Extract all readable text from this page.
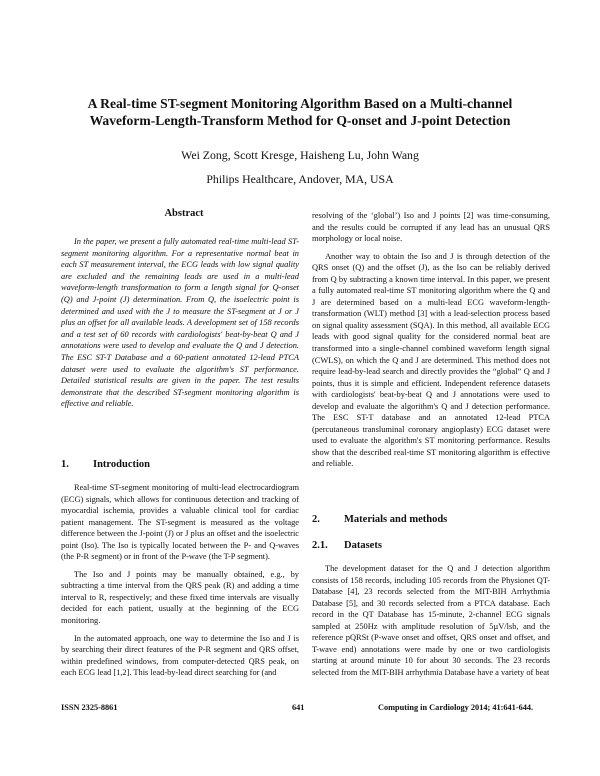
A Real-time ST-segment Monitoring Algorithm Based on a Multi-channel
Waveform-Length-Transform Method for Q-onset and J-point Detection
Wei Zong, Scott Kresge, Haisheng Lu, John Wang
Philips Healthcare, Andover, MA, USA
Abstract

In the paper, we present a fully automated real-time multi-lead ST-segment monitoring algorithm. For a representative normal beat in each ST measurement interval, the ECG leads with low signal quality are excluded and the remaining leads are used in a multi-lead waveform-length transformation to form a length signal for Q-onset (Q) and J-point (J) determination. From Q, the isoelectric point is determined and used with the J to measure the ST-segment at J or J plus an offset for all available leads. A development set of 158 records and a test set of 60 records with cardiologists' beat-by-beat Q and J annotations were used to develop and evaluate the Q and J detection. The ESC ST-T Database and a 60-patient annotated 12-lead PTCA dataset were used to evaluate the algorithm's ST performance. Detailed statistical results are given in the paper. The test results demonstrate that the described ST-segment monitoring algorithm is effective and reliable.

1. Introduction

Real-time ST-segment monitoring of multi-lead electrocardiogram (ECG) signals, which allows for continuous detection and tracking of myocardial ischemia, provides a valuable clinical tool for cardiac patient management. The ST-segment is measured as the voltage difference between the J-point (J) or J plus an offset and the isoelectric point (Iso). The Iso is typically located between the P- and Q-waves (the P-R segment) or in front of the P-wave (the T-P segment).

The Iso and J points may be manually obtained, e.g., by subtracting a time interval from the QRS peak (R) and adding a time interval to R, respectively; and these fixed time intervals are visually decided for each patient, usually at the beginning of the ECG monitoring.

In the automated approach, one way to determine the Iso and J is by searching their direct features of the P-R segment and QRS offset, within predefined windows, from computer-detected QRS peak, on each ECG lead [1,2]. This lead-by-lead direct searching for (and

resolving of the ‘global’) Iso and J points [2] was time-consuming, and the results could be corrupted if any lead has an unusual QRS morphology or local noise.

Another way to obtain the Iso and J is through detection of the QRS onset (Q) and the offset (J), as the Iso can be reliably derived from Q by subtracting a known time interval. In this paper, we present a fully automated real-time ST monitoring algorithm where the Q and J are determined based on a multi-lead ECG waveform-length-transformation (WLT) method [3] with a lead-selection process based on signal quality assessment (SQA). In this method, all available ECG leads with good signal quality for the considered normal beat are transformed into a single-channel combined waveform length signal (CWLS), on which the Q and J are determined. This method does not require lead-by-lead search and directly provides the “global” Q and J points, thus it is simple and efficient. Independent reference datasets with cardiologists' beat-by-beat Q and J annotations were used to develop and evaluate the algorithm's Q and J detection performance. The ESC ST-T database and an annotated 12-lead PTCA (percutaneous transluminal coronary angioplasty) ECG dataset were used to evaluate the algorithm's ST monitoring performance. Results show that the described real-time ST monitoring algorithm is effective and reliable.

2. Materials and methods
2.1. Datasets

The development dataset for the Q and J detection algorithm consists of 158 records, including 105 records from the Physionet QT-Database [4], 23 records selected from the MIT-BIH Arrhythmia Database [5], and 30 records selected from a PTCA database. Each record in the QT Database has 15-minute, 2-channel ECG signals sampled at 250Hz with amplitude resolution of 5µV/lsb, and the reference pQRSt (P-wave onset and offset, QRS onset and offset, and T-wave end) annotations were made by one or two cardiologists starting at around minute 10 for about 30 seconds. The 23 records selected from the MIT-BIH arrhythmia Database have a variety of beat

ISSN 2325-8861	641	Computing in Cardiology 2014; 41:641-644.
